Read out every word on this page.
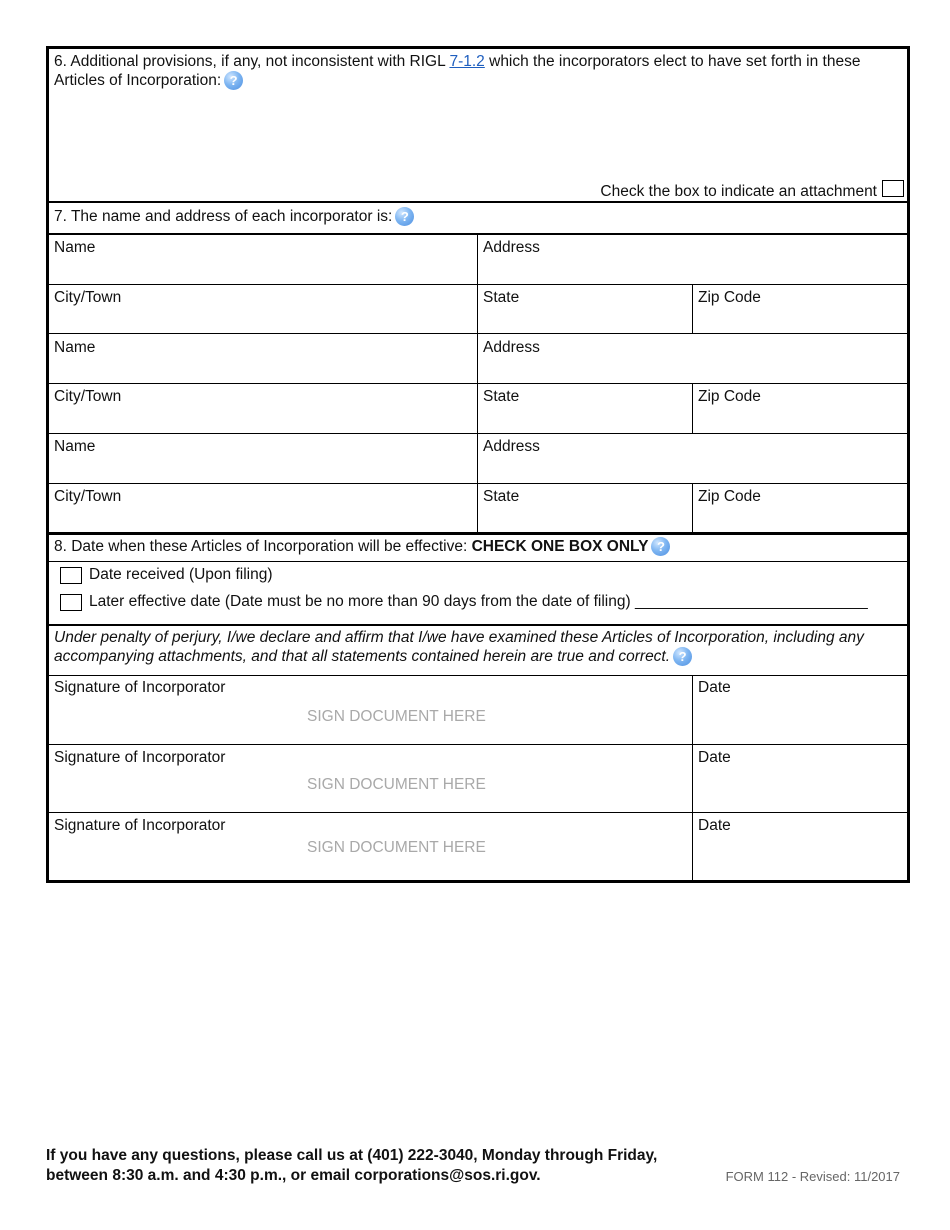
6. Additional provisions, if any, not inconsistent with RIGL 7-1.2 which the incorporators elect to have set forth in these Articles of Incorporation: ?
Check the box to indicate an attachment
7. The name and address of each incorporator is: ?
Name	Address
City/Town	State	Zip Code
Name	Address
City/Town	State	Zip Code
Name	Address
City/Town	State	Zip Code
8. Date when these Articles of Incorporation will be effective: CHECK ONE BOX ONLY ?
Date received (Upon filing)
Later effective date (Date must be no more than 90 days from the date of filing) ___________________________
Under penalty of perjury, I/we declare and affirm that I/we have examined these Articles of Incorporation, including any accompanying attachments, and that all statements contained herein are true and correct. ?
Signature of Incorporator
SIGN DOCUMENT HERE
Date
Signature of Incorporator
SIGN DOCUMENT HERE
Date
Signature of Incorporator
SIGN DOCUMENT HERE
Date
If you have any questions, please call us at (401) 222-3040, Monday through Friday,
between 8:30 a.m. and 4:30 p.m., or email corporations@sos.ri.gov.	FORM 112 - Revised: 11/2017
